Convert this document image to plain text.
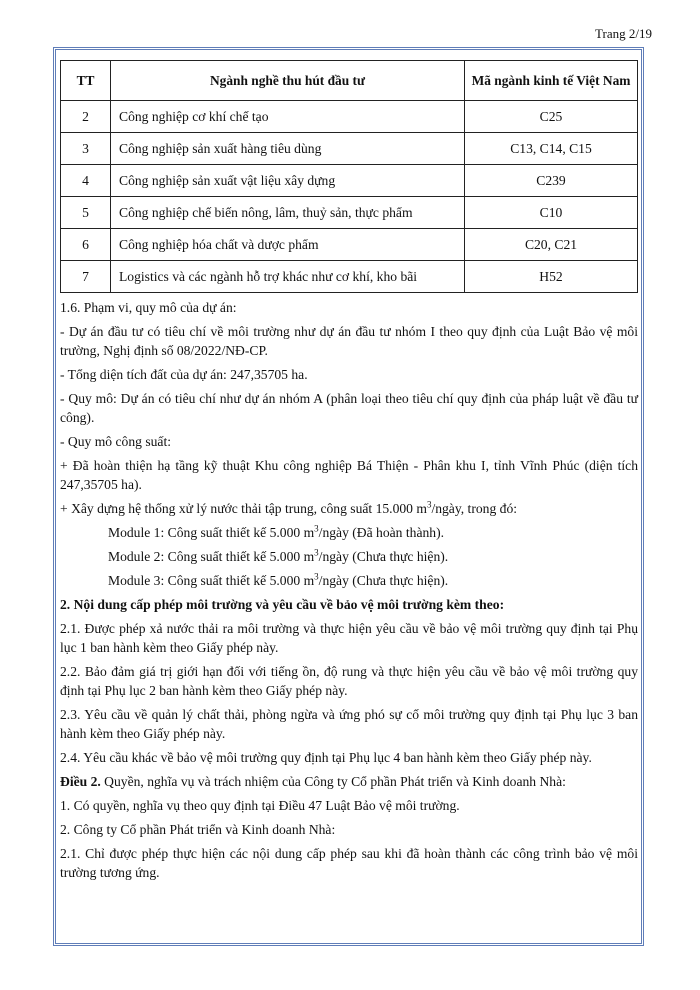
Trang 2/19
TT	Ngành nghề thu hút đầu tư	Mã ngành kinh tế Việt Nam
2	Công nghiệp cơ khí chế tạo	C25
3	Công nghiệp sản xuất hàng tiêu dùng	C13, C14, C15
4	Công nghiệp sản xuất vật liệu xây dựng	C239
5	Công nghiệp chế biến nông, lâm, thuỷ sản, thực phẩm	C10
6	Công nghiệp hóa chất và dược phẩm	C20, C21
7	Logistics và các ngành hỗ trợ khác như cơ khí, kho bãi	H52

1.6. Phạm vi, quy mô của dự án:

- Dự án đầu tư có tiêu chí về môi trường như dự án đầu tư nhóm I theo quy định của Luật Bảo vệ môi trường, Nghị định số 08/2022/NĐ-CP.

- Tổng diện tích đất của dự án: 247,35705 ha.

- Quy mô: Dự án có tiêu chí như dự án nhóm A (phân loại theo tiêu chí quy định của pháp luật về đầu tư công).

- Quy mô công suất:

+ Đã hoàn thiện hạ tầng kỹ thuật Khu công nghiệp Bá Thiện - Phân khu I, tỉnh Vĩnh Phúc (diện tích 247,35705 ha).

+ Xây dựng hệ thống xử lý nước thải tập trung, công suất 15.000 $m^3$/ngày, trong đó:

Module 1: Công suất thiết kế 5.000 $m^3$/ngày (Đã hoàn thành).

Module 2: Công suất thiết kế 5.000 $m^3$/ngày (Chưa thực hiện).

Module 3: Công suất thiết kế 5.000 $m^3$/ngày (Chưa thực hiện).

2. Nội dung cấp phép môi trường và yêu cầu về bảo vệ môi trường kèm theo:

2.1. Được phép xả nước thải ra môi trường và thực hiện yêu cầu về bảo vệ môi trường quy định tại Phụ lục 1 ban hành kèm theo Giấy phép này.

2.2. Bảo đảm giá trị giới hạn đối với tiếng ồn, độ rung và thực hiện yêu cầu về bảo vệ môi trường quy định tại Phụ lục 2 ban hành kèm theo Giấy phép này.

2.3. Yêu cầu về quản lý chất thải, phòng ngừa và ứng phó sự cố môi trường quy định tại Phụ lục 3 ban hành kèm theo Giấy phép này.

2.4. Yêu cầu khác về bảo vệ môi trường quy định tại Phụ lục 4 ban hành kèm theo Giấy phép này.

Điều 2. Quyền, nghĩa vụ và trách nhiệm của Công ty Cổ phần Phát triển và Kinh doanh Nhà:

1. Có quyền, nghĩa vụ theo quy định tại Điều 47 Luật Bảo vệ môi trường.

2. Công ty Cổ phần Phát triển và Kinh doanh Nhà:

2.1. Chỉ được phép thực hiện các nội dung cấp phép sau khi đã hoàn thành các công trình bảo vệ môi trường tương ứng.
